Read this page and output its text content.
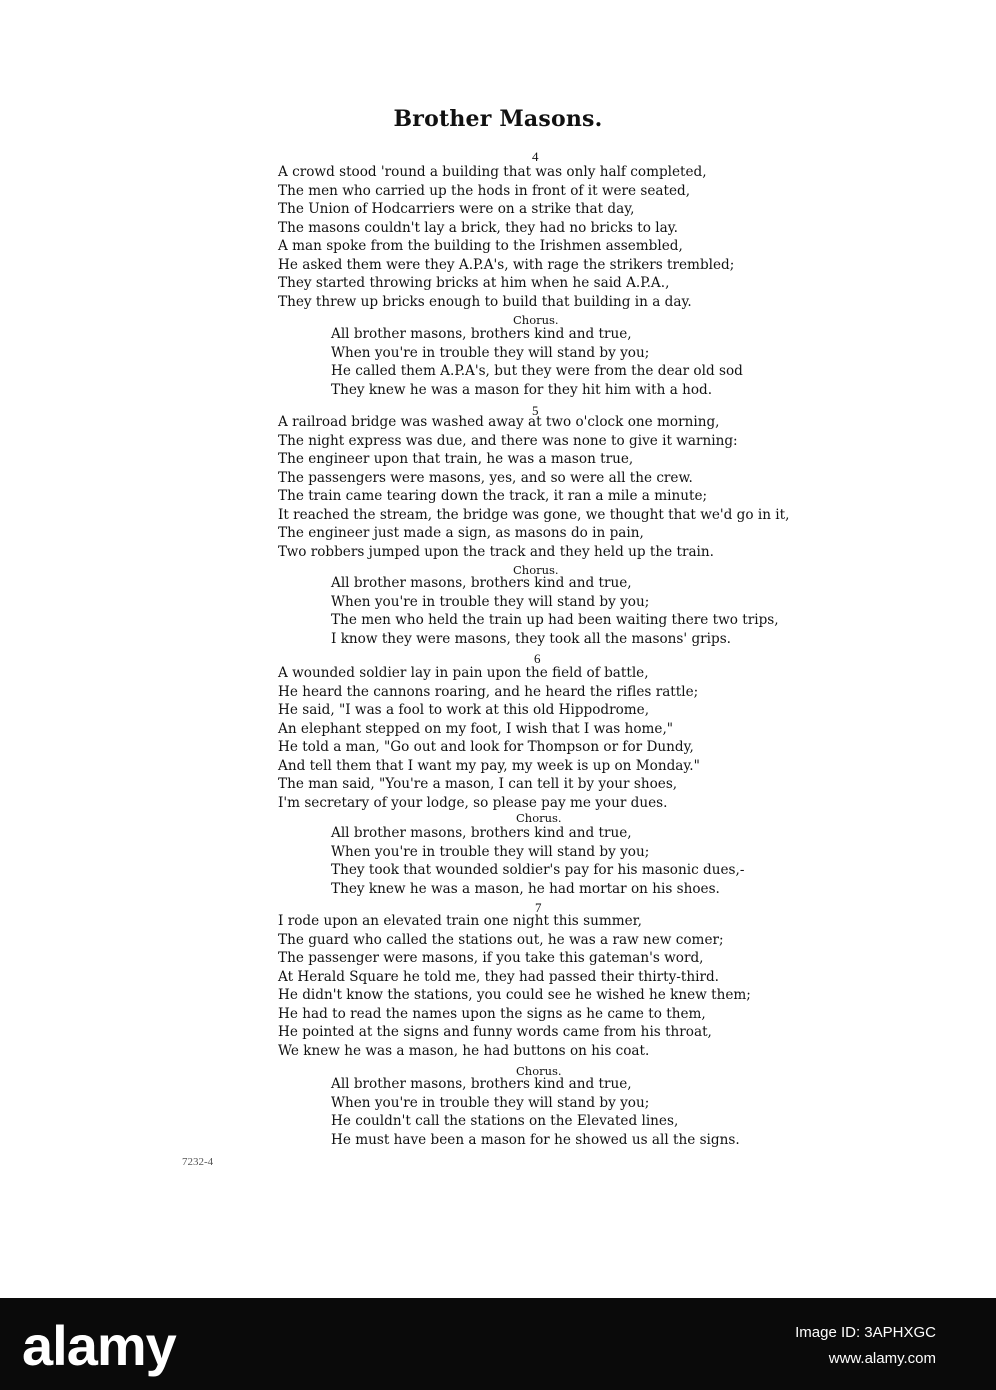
Brother Masons.
4
A crowd stood 'round a building that was only half completed,
The men who carried up the hods in front of it were seated,
The Union of Hodcarriers were on a strike that day,
The masons couldn't lay a brick, they had no bricks to lay.
A man spoke from the building to the Irishmen assembled,
He asked them were they A.P.A's, with rage the strikers trembled;
They started throwing bricks at him when he said A.P.A.,
They threw up bricks enough to build that building in a day.
Chorus.
All brother masons, brothers kind and true,
When you're in trouble they will stand by you;
He called them A.P.A's, but they were from the dear old sod
They knew he was a mason for they hit him with a hod.
5
A railroad bridge was washed away at two o'clock one morning,
The night express was due, and there was none to give it warning:
The engineer upon that train, he was a mason true,
The passengers were masons, yes, and so were all the crew.
The train came tearing down the track, it ran a mile a minute;
It reached the stream, the bridge was gone, we thought that we'd go in it,
The engineer just made a sign, as masons do in pain,
Two robbers jumped upon the track and they held up the train.
Chorus.
All brother masons, brothers kind and true,
When you're in trouble they will stand by you;
The men who held the train up had been waiting there two trips,
I know they were masons, they took all the masons' grips.
6
A wounded soldier lay in pain upon the field of battle,
He heard the cannons roaring, and he heard the rifles rattle;
He said, "I was a fool to work at this old Hippodrome,
An elephant stepped on my foot, I wish that I was home,"
He told a man, "Go out and look for Thompson or for Dundy,
And tell them that I want my pay, my week is up on Monday."
The man said, "You're a mason, I can tell it by your shoes,
I'm secretary of your lodge, so please pay me your dues.
Chorus.
All brother masons, brothers kind and true,
When you're in trouble they will stand by you;
They took that wounded soldier's pay for his masonic dues,-
They knew he was a mason, he had mortar on his shoes.
7
I rode upon an elevated train one night this summer,
The guard who called the stations out, he was a raw new comer;
The passenger were masons, if you take this gateman's word,
At Herald Square he told me, they had passed their thirty-third.
He didn't know the stations, you could see he wished he knew them;
He had to read the names upon the signs as he came to them,
He pointed at the signs and funny words came from his throat,
We knew he was a mason, he had buttons on his coat.
Chorus.
All brother masons, brothers kind and true,
When you're in trouble they will stand by you;
He couldn't call the stations on the Elevated lines,
He must have been a mason for he showed us all the signs.
7232-4
alamy	Image ID: 3APHXGC
www.alamy.com
